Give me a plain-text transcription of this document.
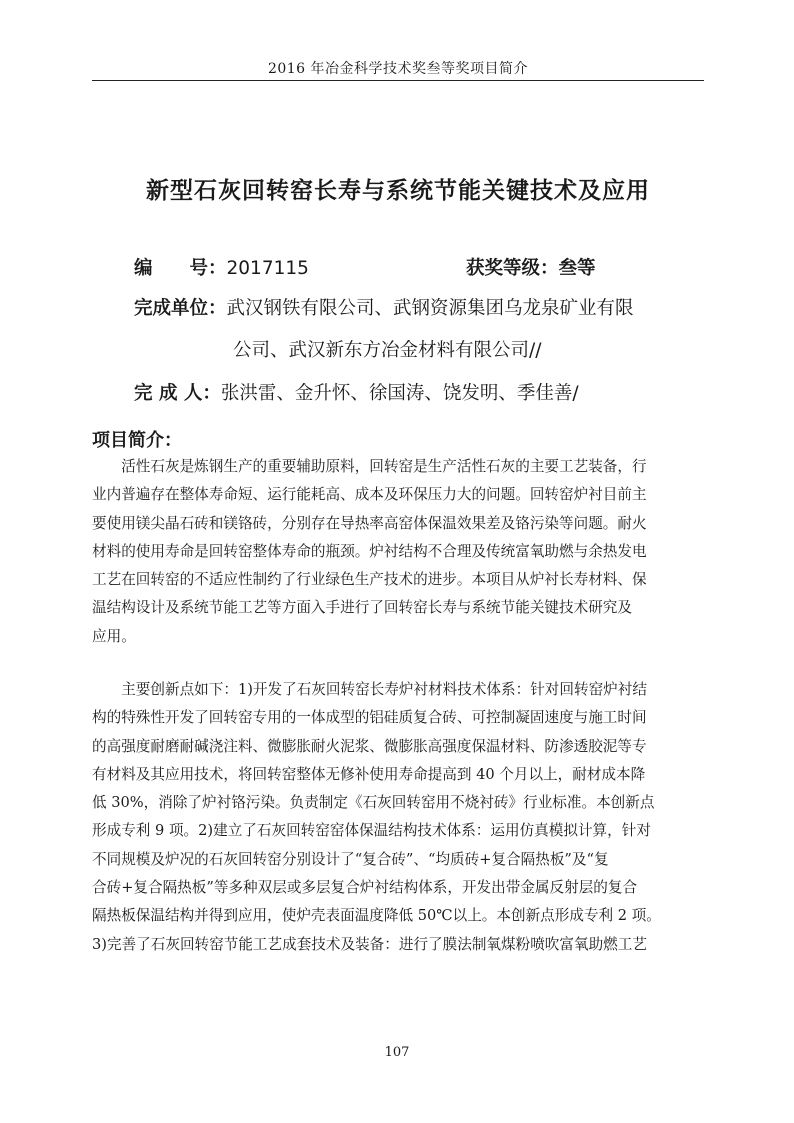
2016 年冶金科学技术奖叁等奖项目简介
新型石灰回转窑长寿与系统节能关键技术及应用
编　　号：2017115	获奖等级：叁等
完成单位：武汉钢铁有限公司、武钢资源集团乌龙泉矿业有限
公司、武汉新东方冶金材料有限公司//
完 成 人：张洪雷、金升怀、徐国涛、饶发明、季佳善/
项目简介：

　　活性石灰是炼钢生产的重要辅助原料，回转窑是生产活性石灰的主要工艺装备，行
业内普遍存在整体寿命短、运行能耗高、成本及环保压力大的问题。回转窑炉衬目前主
要使用镁尖晶石砖和镁铬砖，分别存在导热率高窑体保温效果差及铬污染等问题。耐火
材料的使用寿命是回转窑整体寿命的瓶颈。炉衬结构不合理及传统富氧助燃与余热发电
工艺在回转窑的不适应性制约了行业绿色生产技术的进步。本项目从炉衬长寿材料、保
温结构设计及系统节能工艺等方面入手进行了回转窑长寿与系统节能关键技术研究及
应用。

　　主要创新点如下：1)开发了石灰回转窑长寿炉衬材料技术体系：针对回转窑炉衬结
构的特殊性开发了回转窑专用的一体成型的铝硅质复合砖、可控制凝固速度与施工时间
的高强度耐磨耐碱浇注料、微膨胀耐火泥浆、微膨胀高强度保温材料、防渗透胶泥等专
有材料及其应用技术，将回转窑整体无修补使用寿命提高到 40 个月以上，耐材成本降
低 30%，消除了炉衬铬污染。负责制定《石灰回转窑用不烧衬砖》行业标准。本创新点
形成专利 9 项。2)建立了石灰回转窑窑体保温结构技术体系：运用仿真模拟计算，针对
不同规模及炉况的石灰回转窑分别设计了“复合砖”、“均质砖+复合隔热板”及“复
合砖+复合隔热板”等多种双层或多层复合炉衬结构体系，开发出带金属反射层的复合
隔热板保温结构并得到应用，使炉壳表面温度降低 50℃以上。本创新点形成专利 2 项。
3)完善了石灰回转窑节能工艺成套技术及装备：进行了膜法制氧煤粉喷吹富氧助燃工艺

107
